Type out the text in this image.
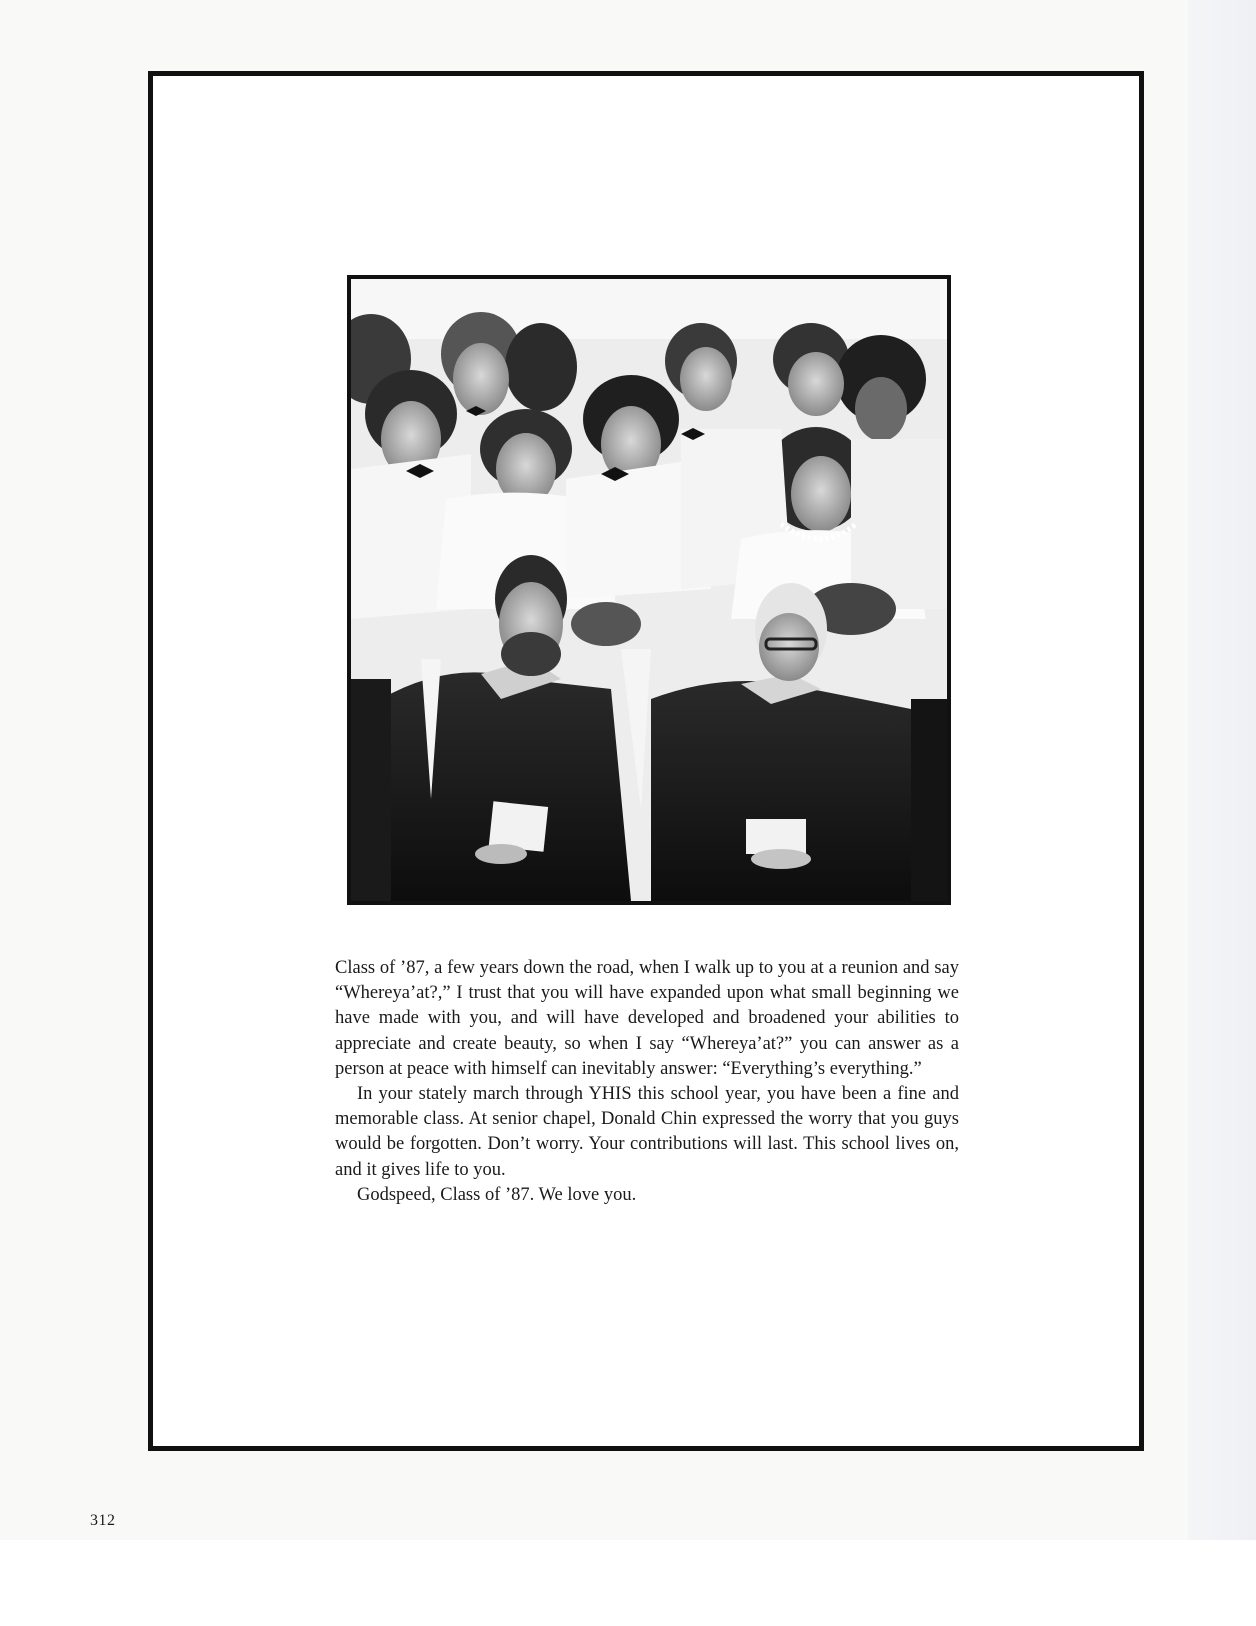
Class of ’87, a few years down the road, when I walk up to you at a reunion and say “Whereya’at?,” I trust that you will have expanded upon what small beginning we have made with you, and will have developed and broadened your abilities to appreciate and create beauty, so when I say “Whereya’at?” you can answer as a person at peace with himself can inevitably answer: “Everything’s everything.”

In your stately march through YHIS this school year, you have been a fine and memorable class. At senior chapel, Donald Chin expressed the worry that you guys would be forgotten. Don’t worry. Your contributions will last. This school lives on, and it gives life to you.

Godspeed, Class of ’87. We love you.

312
